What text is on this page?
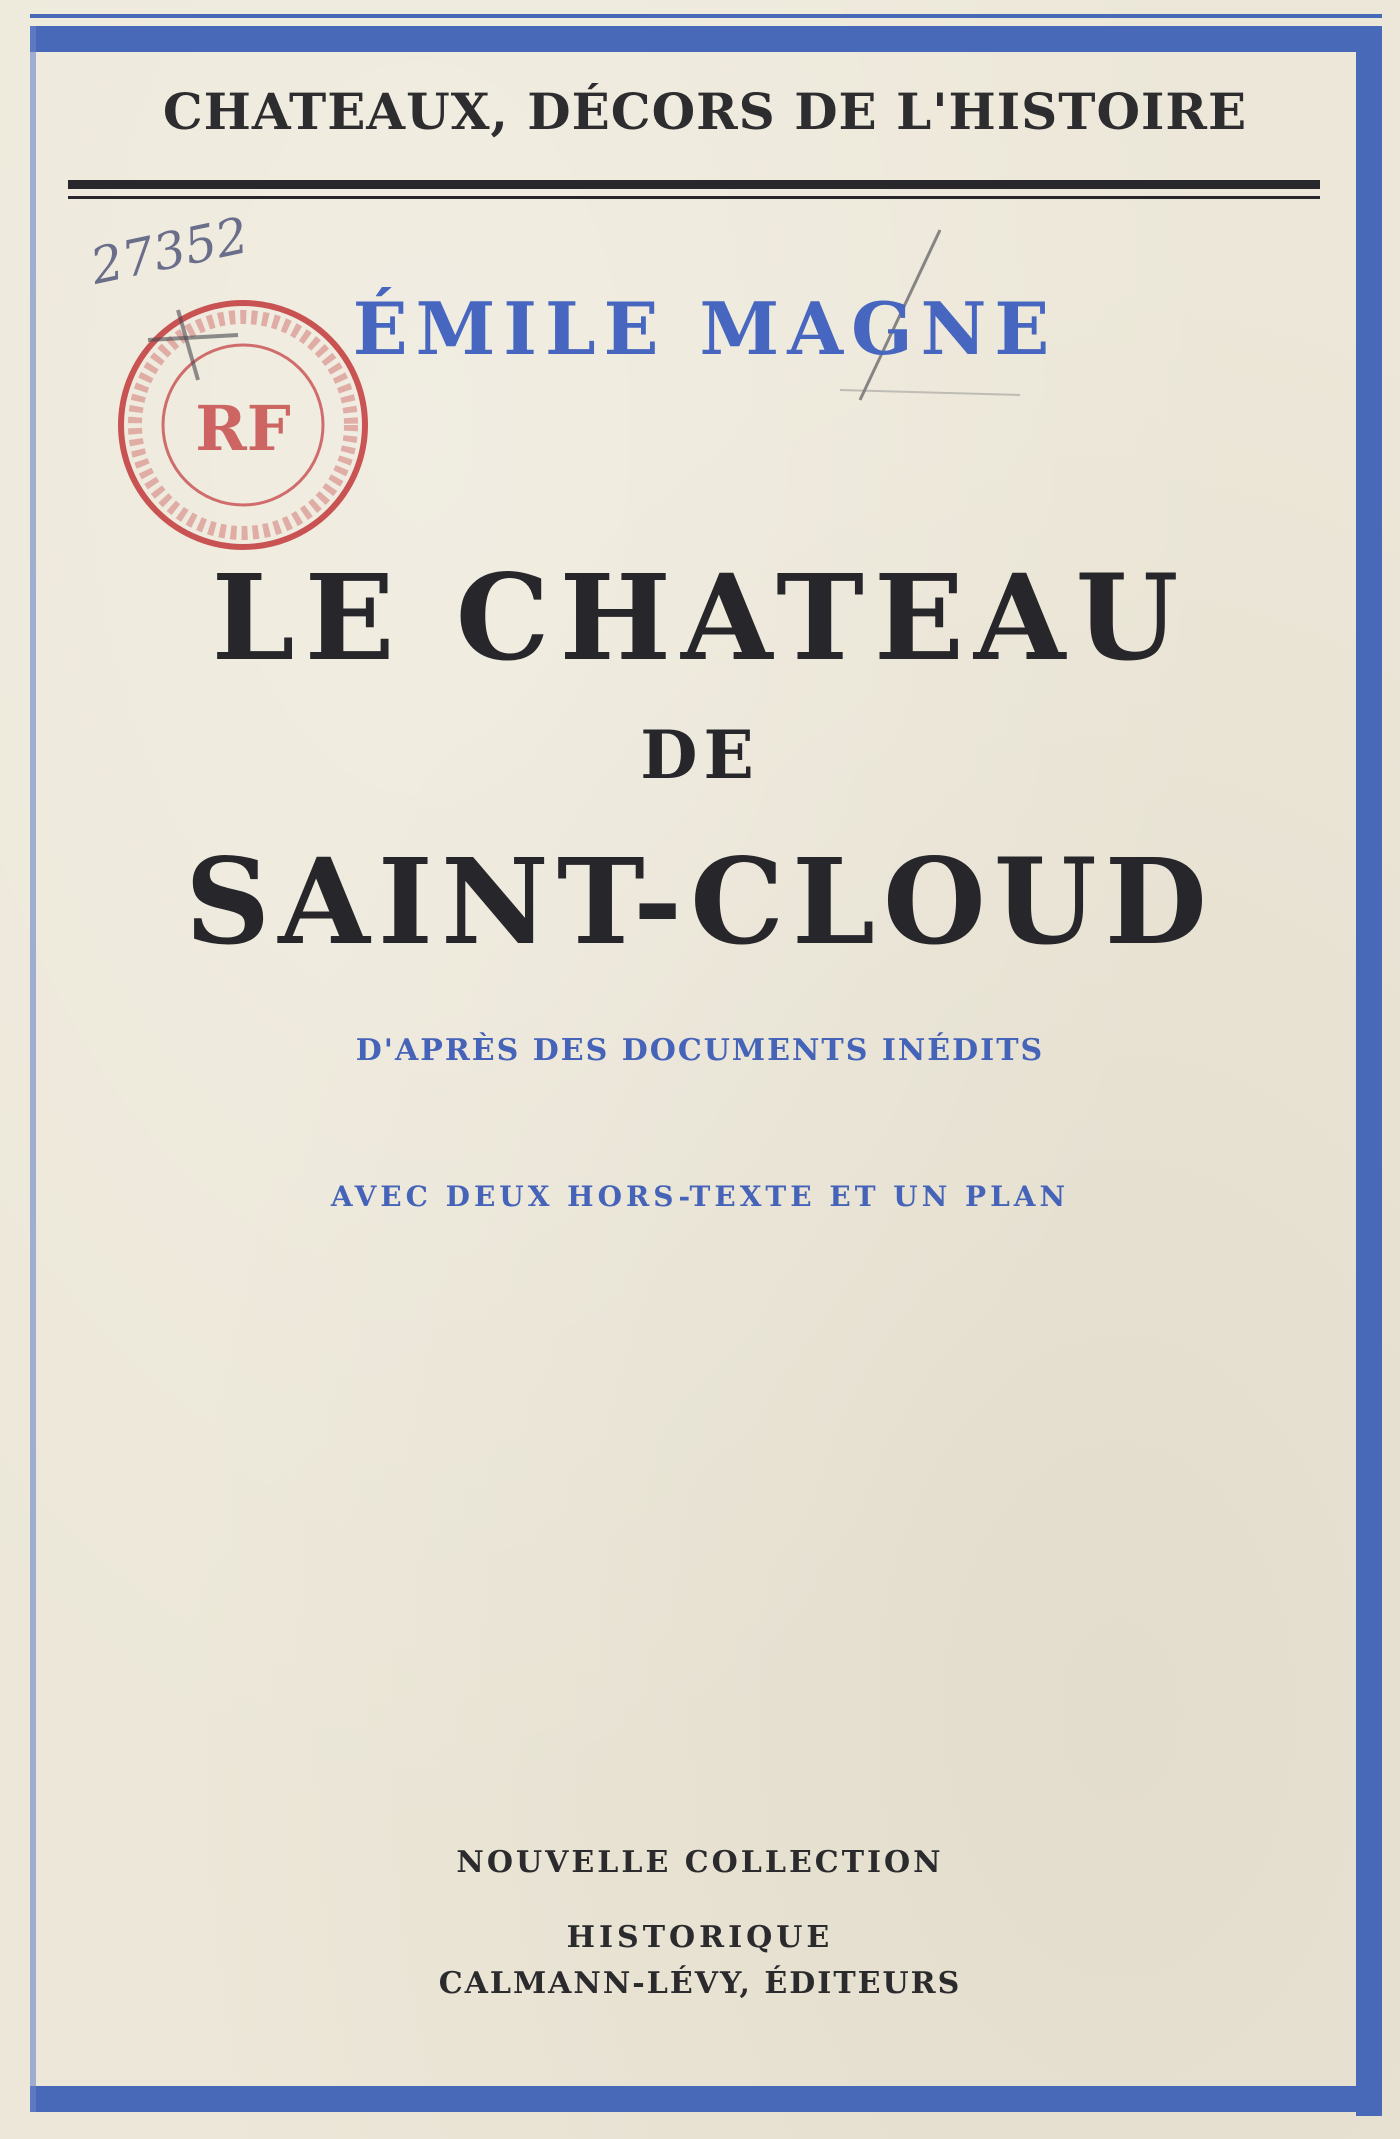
CHATEAUX, DÉCORS DE L'HISTOIRE
27352
ÉMILE MAGNE
RF
LE CHATEAU
DE
SAINT-CLOUD
D'APRÈS DES DOCUMENTS INÉDITS
AVEC DEUX HORS-TEXTE ET UN PLAN
NOUVELLE COLLECTION
HISTORIQUE
CALMANN-LÉVY, ÉDITEURS
